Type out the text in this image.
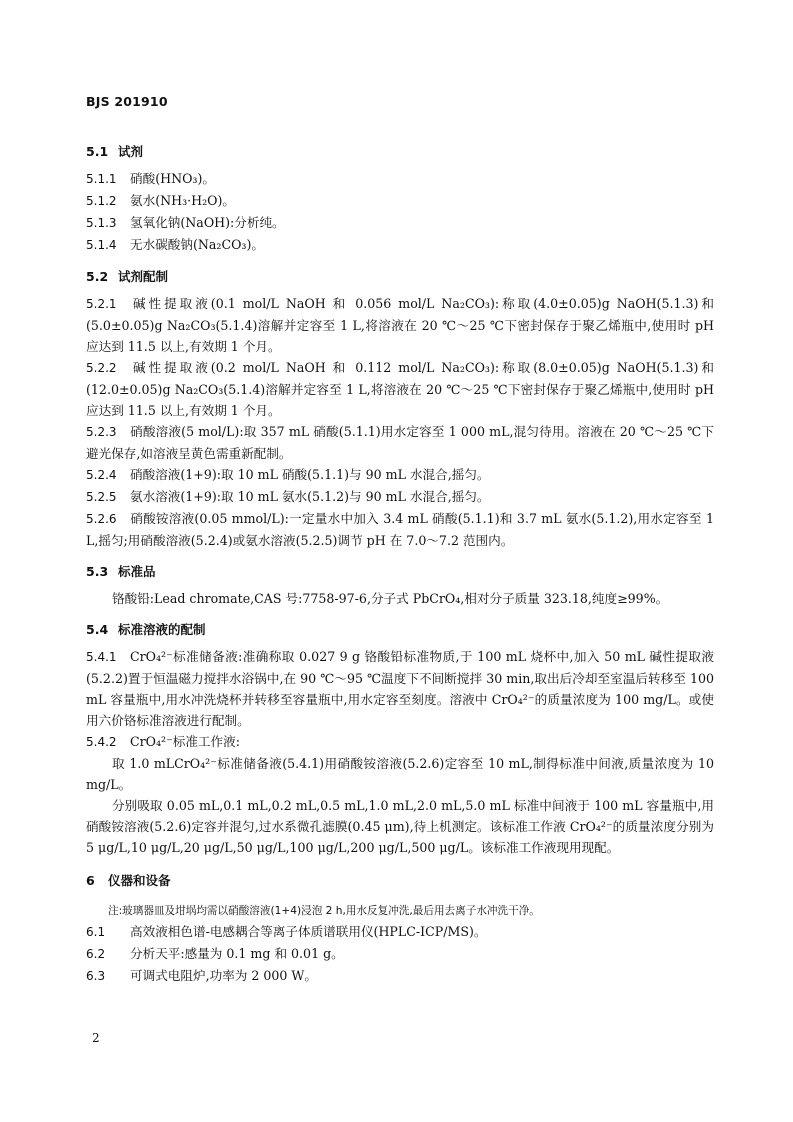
BJS 201910
5.1 试剂
5.1.1 硝酸(HNO₃)。
5.1.2 氨水(NH₃·H₂O)。
5.1.3 氢氧化钠(NaOH):分析纯。
5.1.4 无水碳酸钠(Na₂CO₃)。
5.2 试剂配制
5.2.1 碱性提取液(0.1 mol/L NaOH 和 0.056 mol/L Na₂CO₃):称取(4.0±0.05)g NaOH(5.1.3)和(5.0±0.05)g Na₂CO₃(5.1.4)溶解并定容至 1 L,将溶液在 20 ℃～25 ℃下密封保存于聚乙烯瓶中,使用时 pH 应达到 11.5 以上,有效期 1 个月。
5.2.2 碱性提取液(0.2 mol/L NaOH 和 0.112 mol/L Na₂CO₃):称取(8.0±0.05)g NaOH(5.1.3)和(12.0±0.05)g Na₂CO₃(5.1.4)溶解并定容至 1 L,将溶液在 20 ℃～25 ℃下密封保存于聚乙烯瓶中,使用时 pH 应达到 11.5 以上,有效期 1 个月。
5.2.3 硝酸溶液(5 mol/L):取 357 mL 硝酸(5.1.1)用水定容至 1 000 mL,混匀待用。溶液在 20 ℃～25 ℃下避光保存,如溶液呈黄色需重新配制。
5.2.4 硝酸溶液(1+9):取 10 mL 硝酸(5.1.1)与 90 mL 水混合,摇匀。
5.2.5 氨水溶液(1+9):取 10 mL 氨水(5.1.2)与 90 mL 水混合,摇匀。
5.2.6 硝酸铵溶液(0.05 mmol/L):一定量水中加入 3.4 mL 硝酸(5.1.1)和 3.7 mL 氨水(5.1.2),用水定容至 1 L,摇匀;用硝酸溶液(5.2.4)或氨水溶液(5.2.5)调节 pH 在 7.0～7.2 范围内。
5.3 标准品
铬酸铅:Lead chromate,CAS 号:7758-97-6,分子式 PbCrO₄,相对分子质量 323.18,纯度≥99%。
5.4 标准溶液的配制
5.4.1 CrO₄²⁻标准储备液:准确称取 0.027 9 g 铬酸铅标准物质,于 100 mL 烧杯中,加入 50 mL 碱性提取液(5.2.2)置于恒温磁力搅拌水浴锅中,在 90 ℃～95 ℃温度下不间断搅拌 30 min,取出后冷却至室温后转移至 100 mL 容量瓶中,用水冲洗烧杯并转移至容量瓶中,用水定容至刻度。溶液中 CrO₄²⁻的质量浓度为 100 mg/L。或使用六价铬标准溶液进行配制。
5.4.2 CrO₄²⁻标准工作液:
取 1.0 mLCrO₄²⁻标准储备液(5.4.1)用硝酸铵溶液(5.2.6)定容至 10 mL,制得标准中间液,质量浓度为 10 mg/L。
分别吸取 0.05 mL,0.1 mL,0.2 mL,0.5 mL,1.0 mL,2.0 mL,5.0 mL 标准中间液于 100 mL 容量瓶中,用硝酸铵溶液(5.2.6)定容并混匀,过水系微孔滤膜(0.45 μm),待上机测定。该标准工作液 CrO₄²⁻的质量浓度分别为 5 μg/L,10 μg/L,20 μg/L,50 μg/L,100 μg/L,200 μg/L,500 μg/L。该标准工作液现用现配。
6 仪器和设备
注:玻璃器皿及坩埚均需以硝酸溶液(1+4)浸泡 2 h,用水反复冲洗,最后用去离子水冲洗干净。
6.1 高效液相色谱-电感耦合等离子体质谱联用仪(HPLC-ICP/MS)。
6.2 分析天平:感量为 0.1 mg 和 0.01 g。
6.3 可调式电阻炉,功率为 2 000 W。
2
